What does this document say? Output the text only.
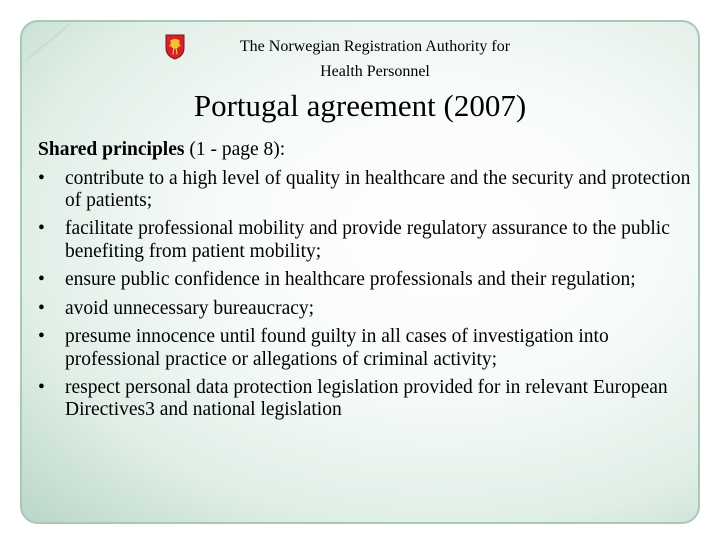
The Norwegian Registration Authority for
Health Personnel
Portugal agreement (2007)
Shared principles (1 - page 8):
•	contribute to a high level of quality in healthcare and the security and protection of patients;
•	facilitate professional mobility and provide regulatory assurance to the public benefiting from patient mobility;
•	ensure public confidence in healthcare professionals and their regulation;
•	avoid unnecessary bureaucracy;
•	presume innocence until found guilty in all cases of investigation into professional practice or allegations of criminal activity;
•	respect personal data protection legislation provided for in relevant European Directives3 and national legislation
